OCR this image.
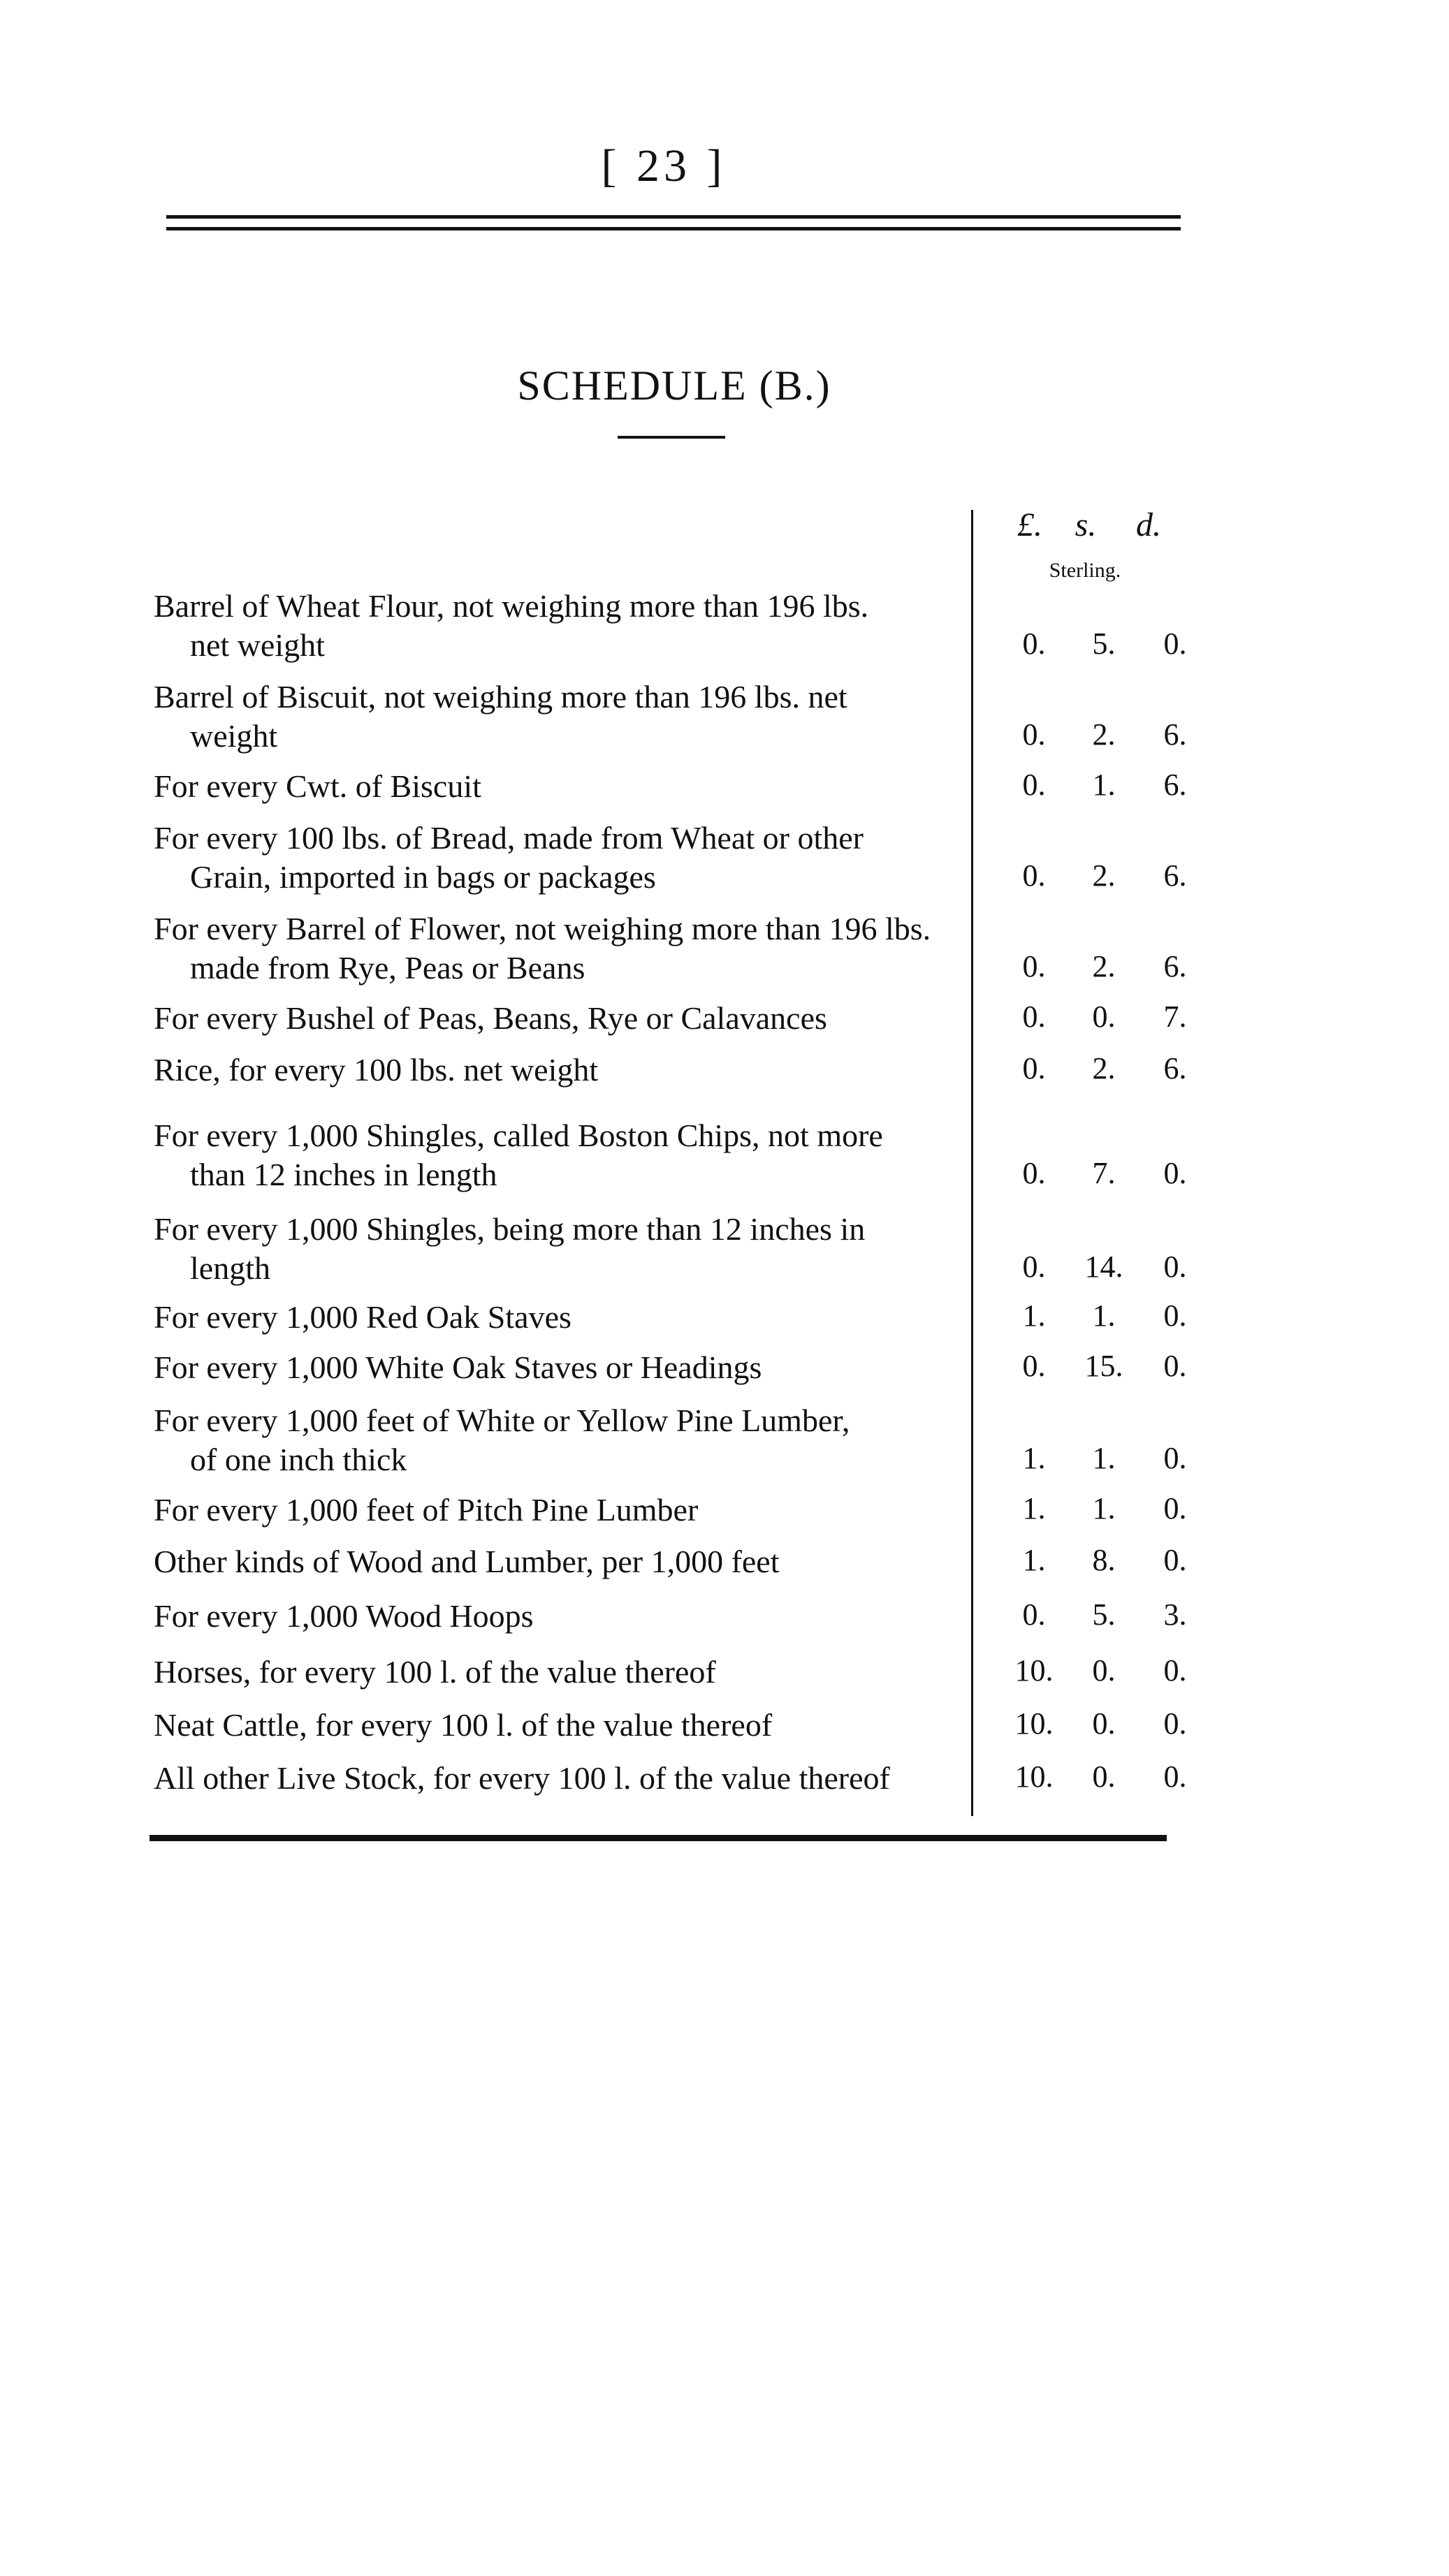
[ 23 ]
SCHEDULE (B.)
£. s.	d.
Sterling.
Barrel of Wheat Flour, not weighing more than 196 lbs.
net weight	0.	5.	0.
Barrel of Biscuit, not weighing more than 196 lbs. net
weight	0.	2.	6.
For every Cwt. of Biscuit	0.	1.	6.
For every 100 lbs. of Bread, made from Wheat or other
Grain, imported in bags or packages	0.	2.	6.
For every Barrel of Flower, not weighing more than 196 lbs.
made from Rye, Peas or Beans	0.	2.	6.
For every Bushel of Peas, Beans, Rye or Calavances	0.	0.	7.
Rice, for every 100 lbs. net weight	0.	2.	6.
For every 1,000 Shingles, called Boston Chips, not more
than 12 inches in length	0.	7.	0.
For every 1,000 Shingles, being more than 12 inches in
length	0.	14.	0.
For every 1,000 Red Oak Staves	1.	1.	0.
For every 1,000 White Oak Staves or Headings	0.	15.	0.
For every 1,000 feet of White or Yellow Pine Lumber,
of one inch thick	1.	1.	0.
For every 1,000 feet of Pitch Pine Lumber	1.	1.	0.
Other kinds of Wood and Lumber, per 1,000 feet	1.	8.	0.
For every 1,000 Wood Hoops	0.	5.	3.
Horses, for every 100 l. of the value thereof	10.	0.	0.
Neat Cattle, for every 100 l. of the value thereof	10.	0.	0.
All other Live Stock, for every 100 l. of the value thereof	10.	0.	0.
